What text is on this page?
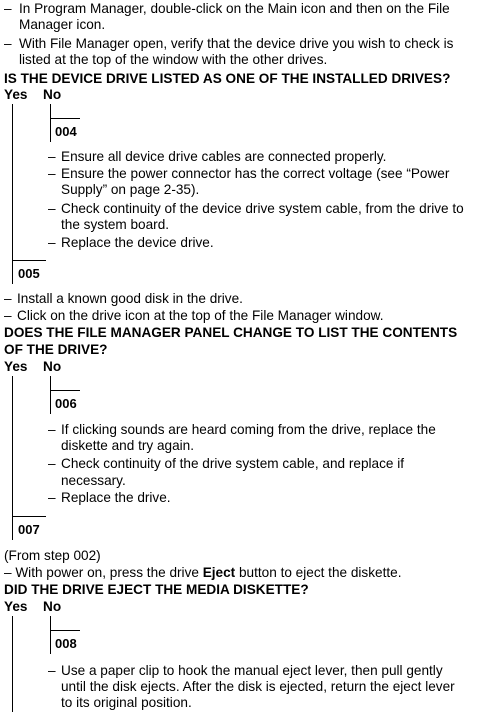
– In Program Manager, double-click on the Main icon and then on the File
Manager icon.
– With File Manager open, verify that the device drive you wish to check is
listed at the top of the window with the other drives.
IS THE DEVICE DRIVE LISTED AS ONE OF THE INSTALLED DRIVES?
Yes No
004
– Ensure all device drive cables are connected properly.
– Ensure the power connector has the correct voltage (see “Power
Supply” on page 2-35).
– Check continuity of the device drive system cable, from the drive to
the system board.
– Replace the device drive.
005
– Install a known good disk in the drive.
– Click on the drive icon at the top of the File Manager window.
DOES THE FILE MANAGER PANEL CHANGE TO LIST THE CONTENTS
OF THE DRIVE?
Yes No
006
– If clicking sounds are heard coming from the drive, replace the
diskette and try again.
– Check continuity of the drive system cable, and replace if
necessary.
– Replace the drive.
007
(From step 002)
– With power on, press the drive Eject button to eject the diskette.
DID THE DRIVE EJECT THE MEDIA DISKETTE?
Yes No
008
– Use a paper clip to hook the manual eject lever, then pull gently
until the disk ejects. After the disk is ejected, return the eject lever
to its original position.
